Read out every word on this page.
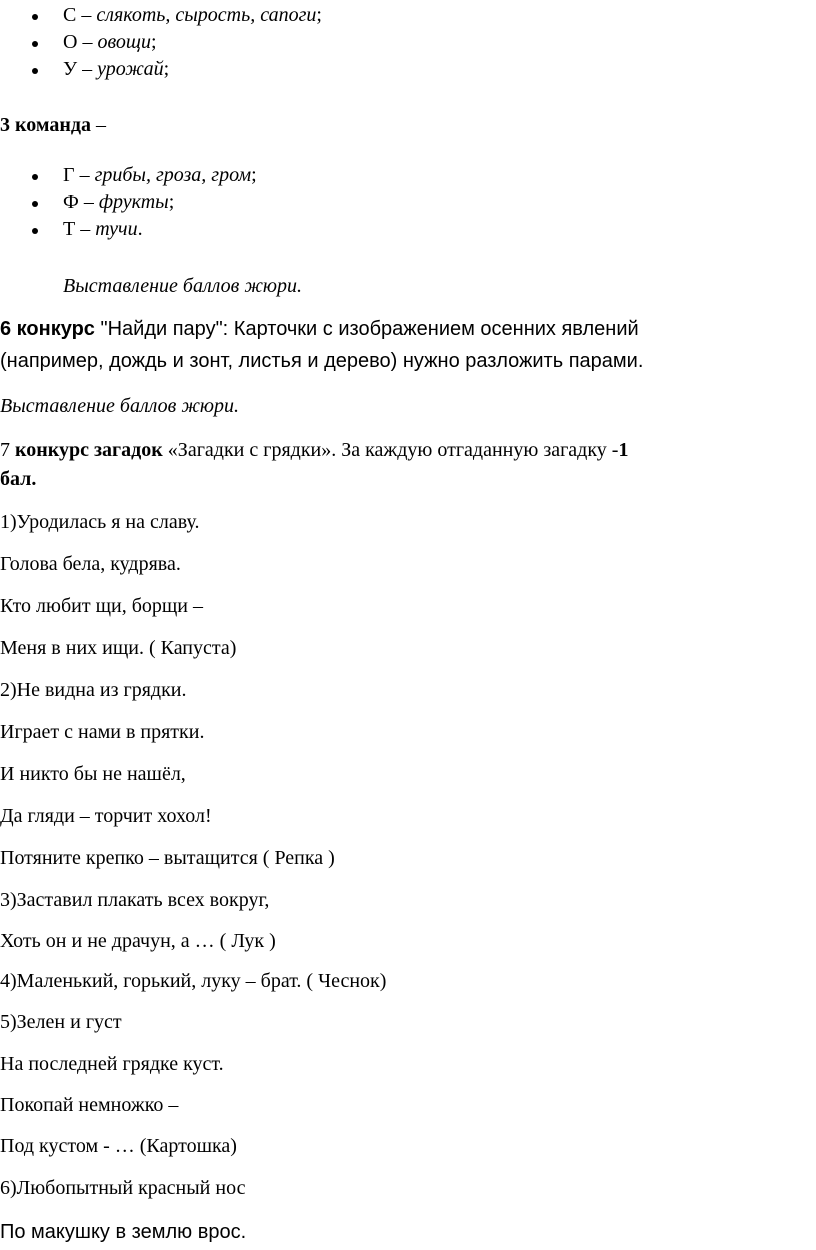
С – слякоть, сырость, сапоги;
О – овощи;
У – урожай;
3 команда –
Г – грибы, гроза, гром;
Ф – фрукты;
Т – тучи.
Выставление баллов жюри.
6 конкурс "Найди пару": Карточки с изображением осенних явлений
(например, дождь и зонт, листья и дерево) нужно разложить парами.
Выставление баллов жюри.
7 конкурс загадок «Загадки с грядки». За каждую отгаданную загадку -1
бал.
1)Уродилась я на славу.
Голова бела, кудрява.
Кто любит щи, борщи –
Меня в них ищи. ( Капуста)
2)Не видна из грядки.
Играет с нами в прятки.
И никто бы не нашёл,
Да гляди – торчит хохол!
Потяните крепко – вытащится ( Репка )
3)Заставил плакать всех вокруг,
Хоть он и не драчун, а … ( Лук )
4)Маленький, горький, луку – брат. ( Чеснок)
5)Зелен и густ
На последней грядке куст.
Покопай немножко –
Под кустом - … (Картошка)
6)Любопытный красный нос
По макушку в землю врос.
